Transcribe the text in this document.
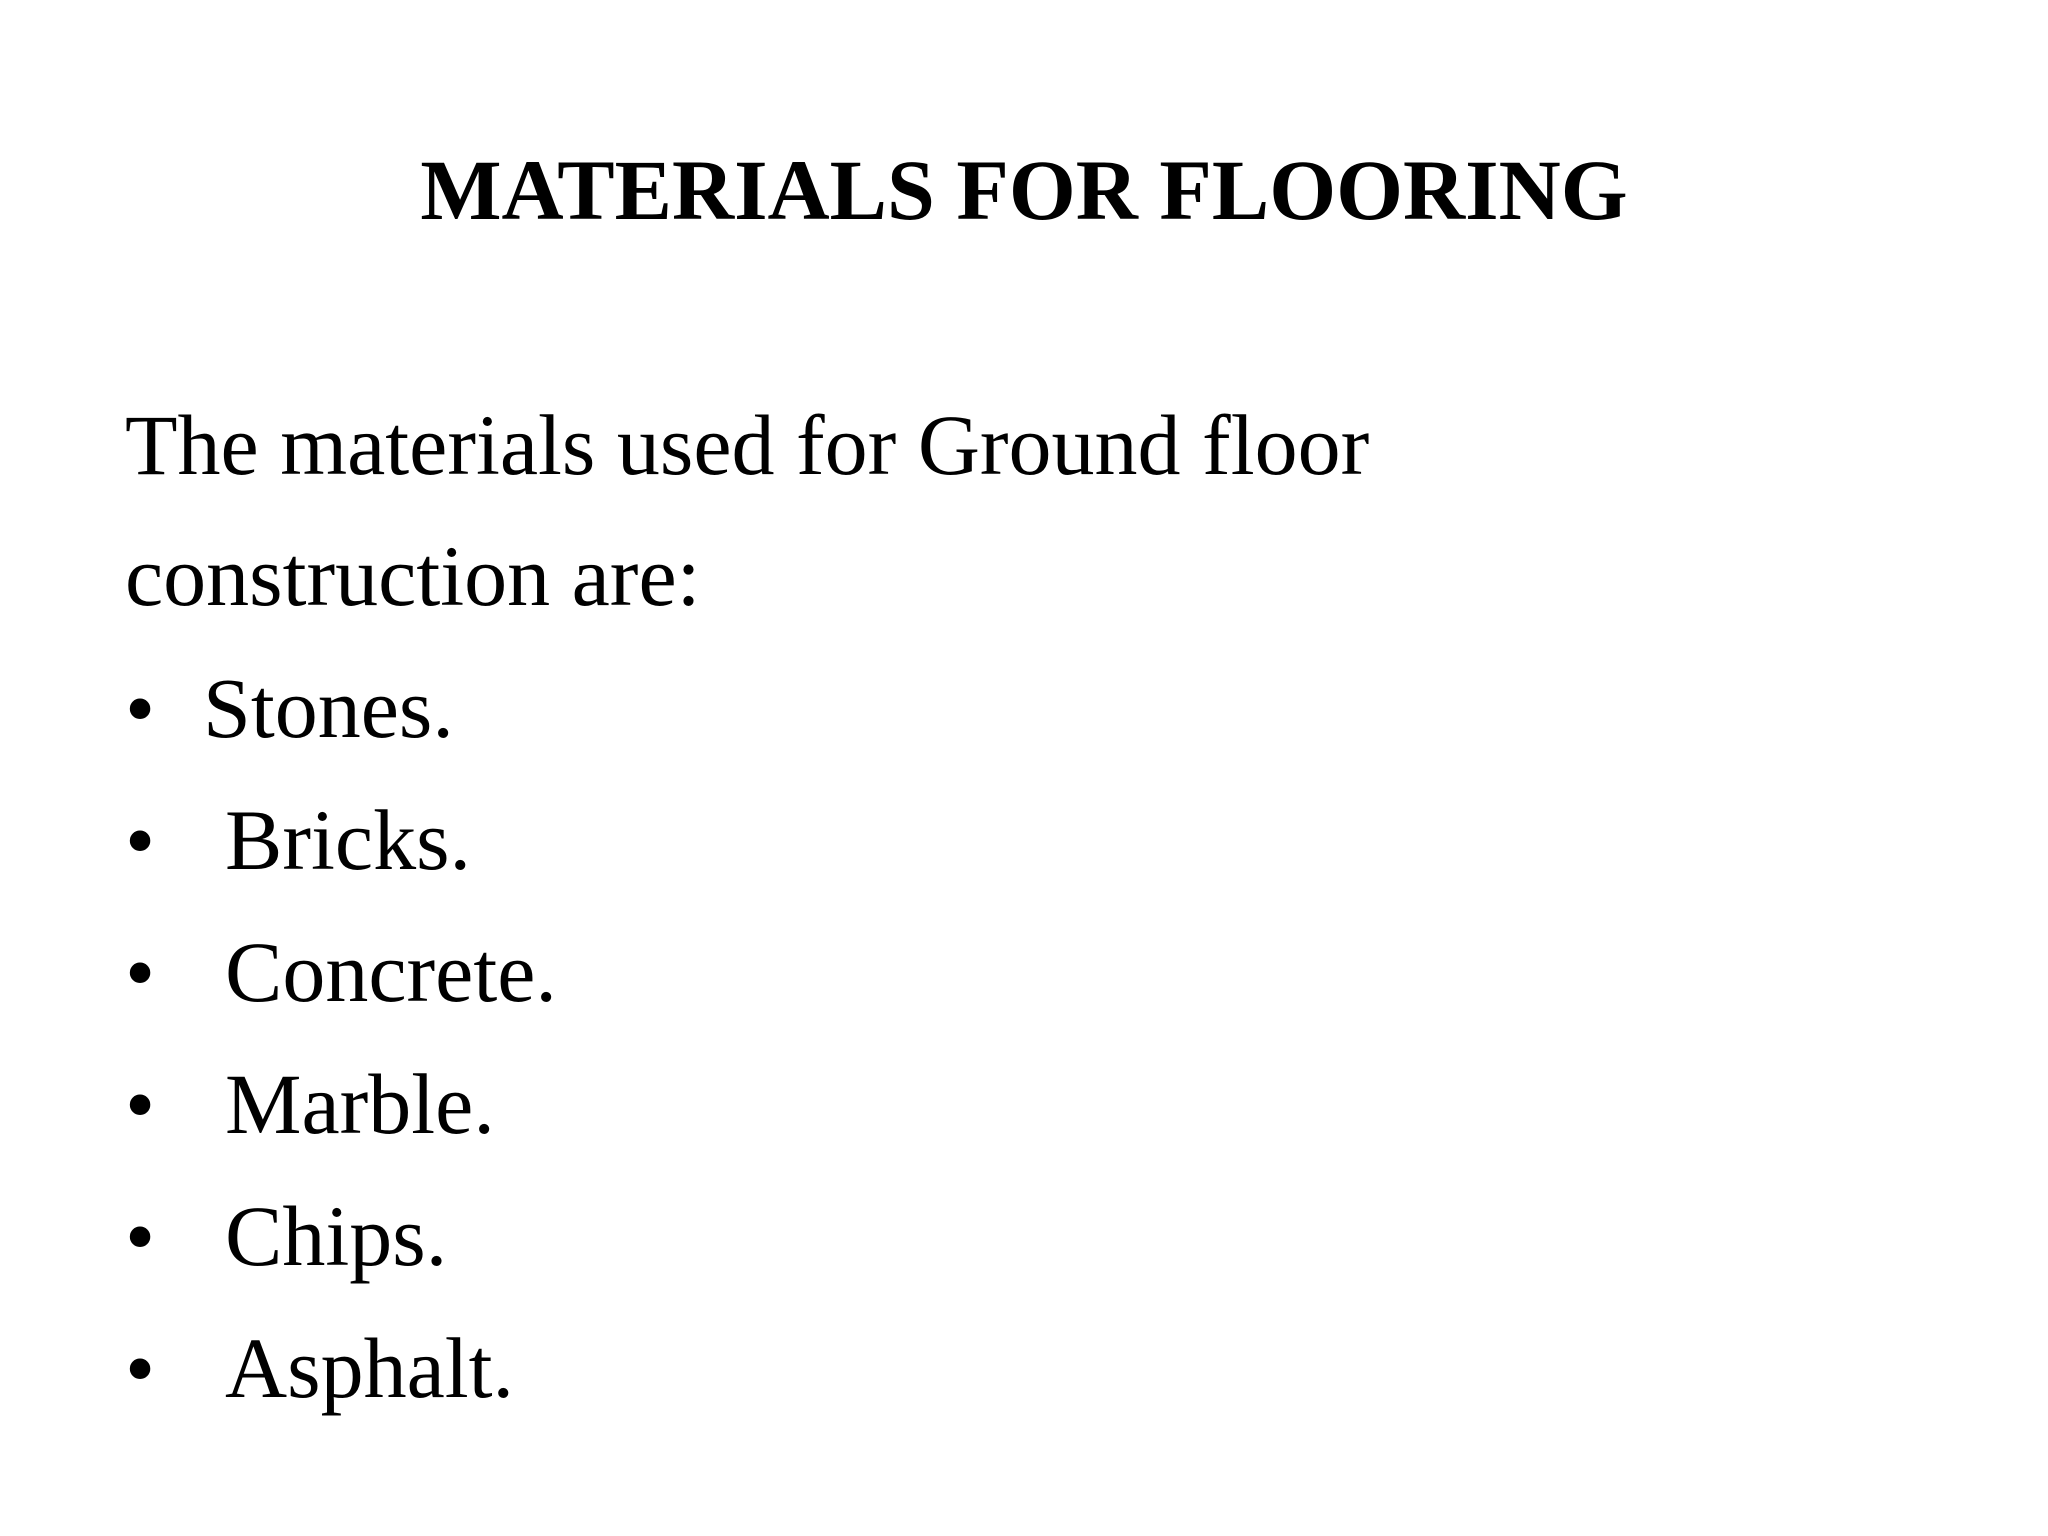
MATERIALS FOR FLOORING
The materials used for Ground floor
construction are:
• Stones.
• Bricks.
• Concrete.
• Marble.
• Chips.
• Asphalt.
